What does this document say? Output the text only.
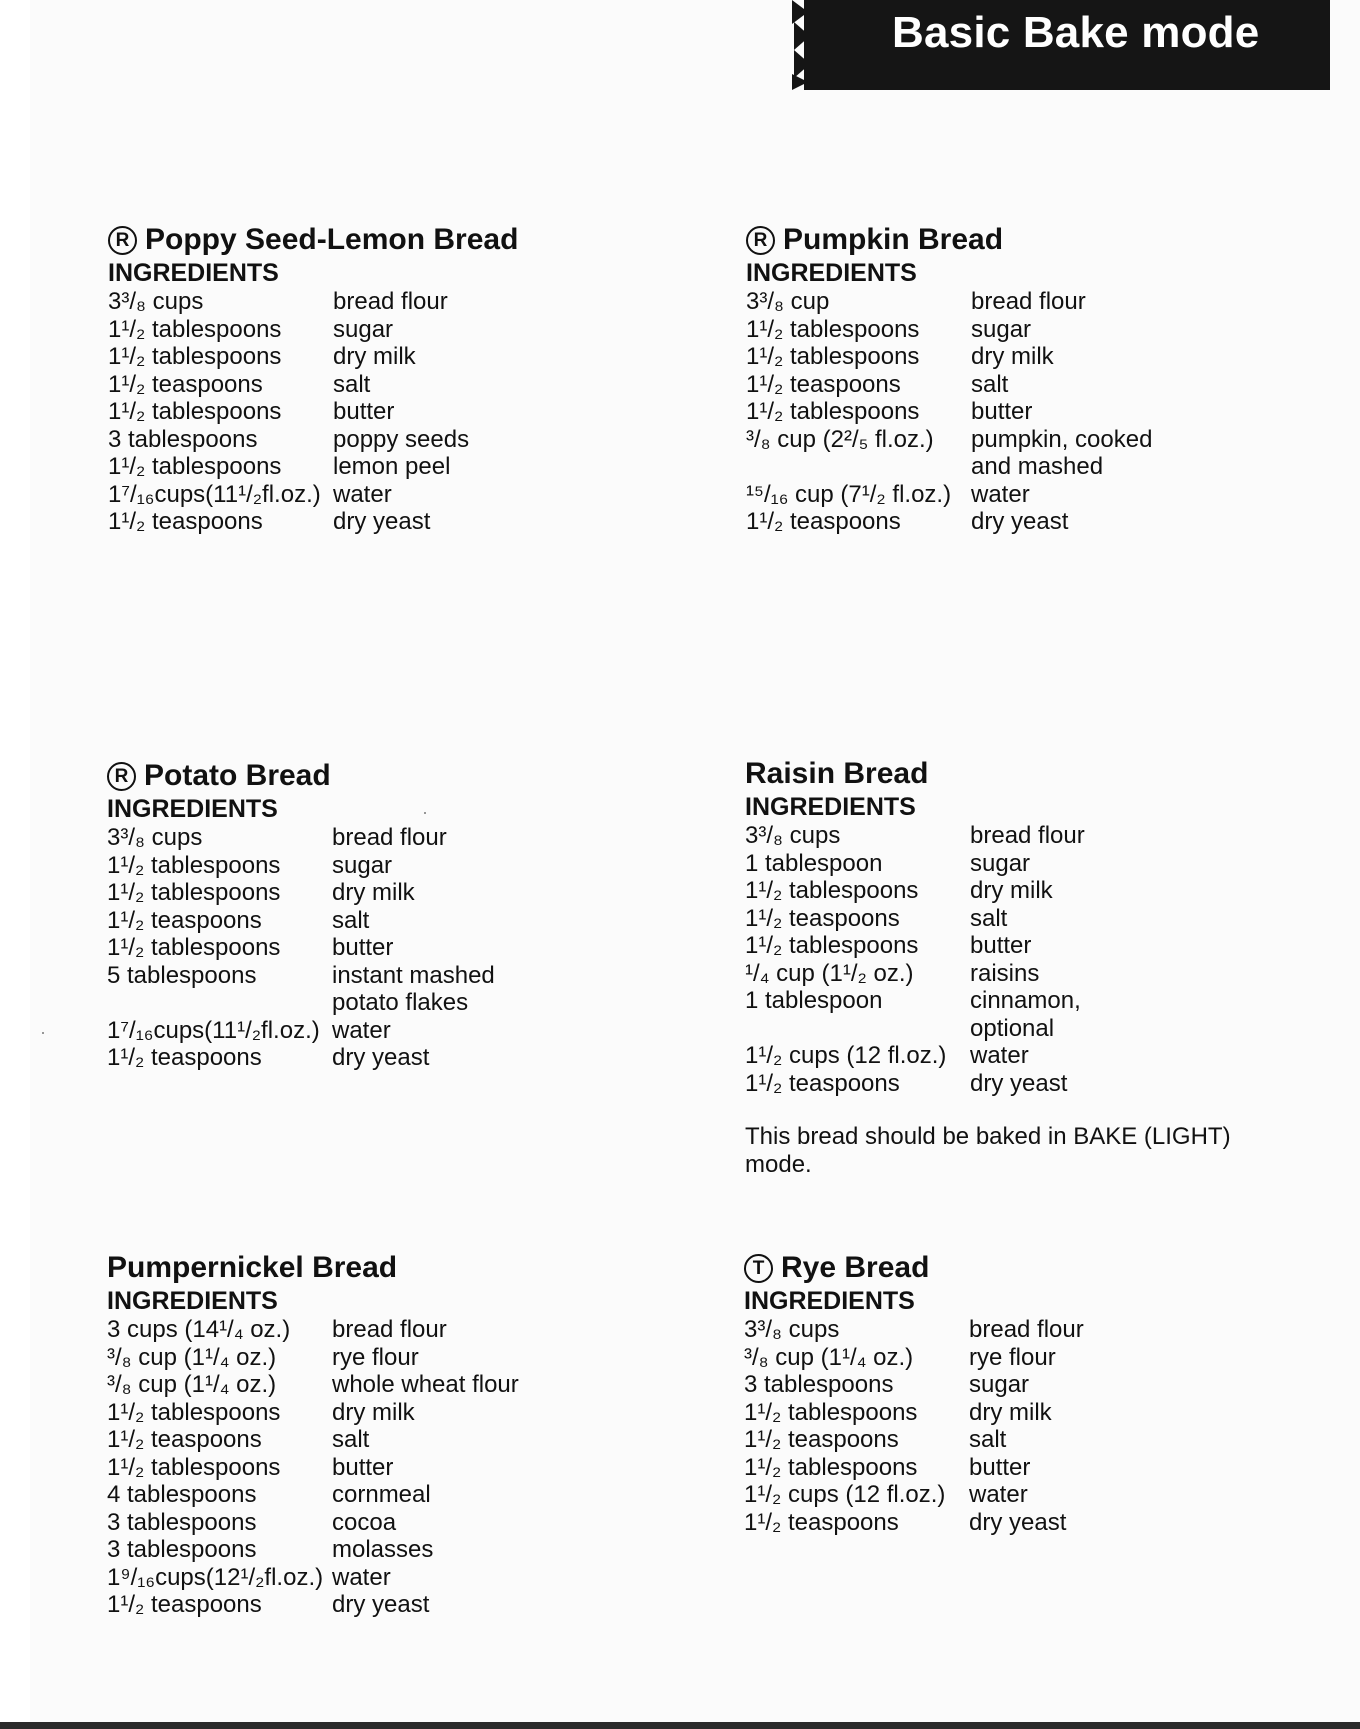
Basic Bake mode
R Poppy Seed-Lemon Bread
INGREDIENTS
3³/₈ cups	bread flour
1¹/₂ tablespoons	sugar
1¹/₂ tablespoons	dry milk
1¹/₂ teaspoons	salt
1¹/₂ tablespoons	butter
3 tablespoons	poppy seeds
1¹/₂ tablespoons	lemon peel
1⁷/₁₆cups(11¹/₂fl.oz.) water
1¹/₂ teaspoons	dry yeast
R Pumpkin Bread
INGREDIENTS
3³/₈ cup	bread flour
1¹/₂ tablespoons	sugar
1¹/₂ tablespoons	dry milk
1¹/₂ teaspoons	salt
1¹/₂ tablespoons	butter
³/₈ cup (2²/₅ fl.oz.)	pumpkin, cooked
and mashed
¹⁵/₁₆ cup (7¹/₂ fl.oz.) water
1¹/₂ teaspoons	dry yeast
R Potato Bread
INGREDIENTS
3³/₈ cups	bread flour
1¹/₂ tablespoons	sugar
1¹/₂ tablespoons	dry milk
1¹/₂ teaspoons	salt
1¹/₂ tablespoons	butter
5 tablespoons	instant mashed
potato flakes
1⁷/₁₆cups(11¹/₂fl.oz.) water
1¹/₂ teaspoons	dry yeast
Raisin Bread
INGREDIENTS
3³/₈ cups	bread flour
1 tablespoon	sugar
1¹/₂ tablespoons	dry milk
1¹/₂ teaspoons	salt
1¹/₂ tablespoons	butter
¹/₄ cup (1¹/₂ oz.)	raisins
1 tablespoon	cinnamon,
optional
1¹/₂ cups (12 fl.oz.) water
1¹/₂ teaspoons	dry yeast
This bread should be baked in BAKE (LIGHT) mode.
Pumpernickel Bread
INGREDIENTS
3 cups (14¹/₄ oz.)	bread flour
³/₈ cup (1¹/₄ oz.)	rye flour
³/₈ cup (1¹/₄ oz.)	whole wheat flour
1¹/₂ tablespoons	dry milk
1¹/₂ teaspoons	salt
1¹/₂ tablespoons	butter
4 tablespoons	cornmeal
3 tablespoons	cocoa
3 tablespoons	molasses
1⁹/₁₆cups(12¹/₂fl.oz.) water
1¹/₂ teaspoons	dry yeast
T Rye Bread
INGREDIENTS
3³/₈ cups	bread flour
³/₈ cup (1¹/₄ oz.)	rye flour
3 tablespoons	sugar
1¹/₂ tablespoons	dry milk
1¹/₂ teaspoons	salt
1¹/₂ tablespoons	butter
1¹/₂ cups (12 fl.oz.) water
1¹/₂ teaspoons	dry yeast
